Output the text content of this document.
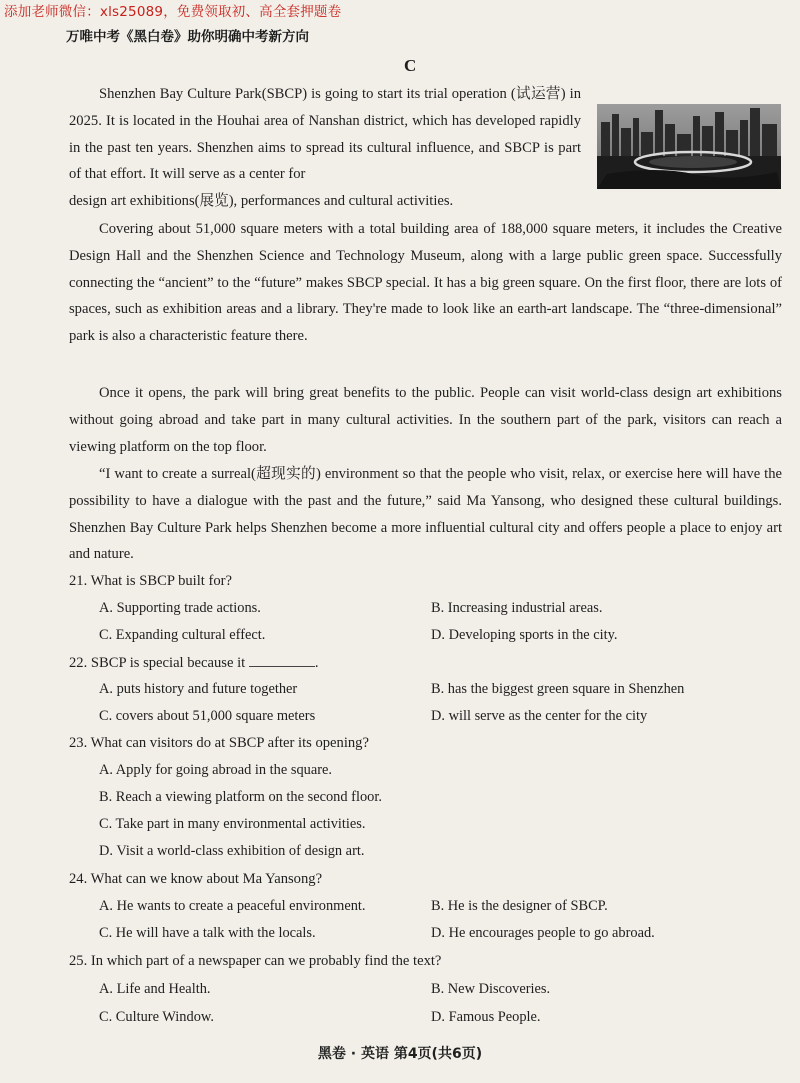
添加老师微信：xls25089，免费领取初、高全套押题卷
万唯中考《黑白卷》助你明确中考新方向
C

Shenzhen Bay Culture Park(SBCP) is going to start its trial operation (试运营) in 2025. It is located in the Houhai area of Nanshan district, which has developed rapidly in the past ten years. Shenzhen aims to spread its cultural influence, and SBCP is part of that effort. It will serve as a center for

design art exhibitions(展览), performances and cultural activities.

Covering about 51,000 square meters with a total building area of 188,000 square meters, it includes the Creative Design Hall and the Shenzhen Science and Technology Museum, along with a large public green space. Successfully connecting the “ancient” to the “future” makes SBCP special. It has a big green square. On the first floor, there are lots of spaces, such as exhibition areas and a library. They're made to look like an earth-art landscape. The “three-dimensional” park is also a characteristic feature there.

Once it opens, the park will bring great benefits to the public. People can visit world-class design art exhibitions without going abroad and take part in many cultural activities. In the southern part of the park, visitors can reach a viewing platform on the top floor.

“I want to create a surreal(超现实的) environment so that the people who visit, relax, or exercise here will have the possibility to have a dialogue with the past and the future,” said Ma Yansong, who designed these cultural buildings. Shenzhen Bay Culture Park helps Shenzhen become a more influential cultural city and offers people a place to enjoy art and nature.

21. What is SBCP built for?
A. Supporting trade actions.	B. Increasing industrial areas.
C. Expanding cultural effect.	D. Developing sports in the city.
22. SBCP is special because it	.
A. puts history and future together	B. has the biggest green square in Shenzhen
C. covers about 51,000 square meters	D. will serve as the center for the city
23. What can visitors do at SBCP after its opening?
A. Apply for going abroad in the square.
B. Reach a viewing platform on the second floor.
C. Take part in many environmental activities.
D. Visit a world-class exhibition of design art.
24. What can we know about Ma Yansong?
A. He wants to create a peaceful environment.	B. He is the designer of SBCP.
C. He will have a talk with the locals.	D. He encourages people to go abroad.
25. In which part of a newspaper can we probably find the text?
A. Life and Health.	B. New Discoveries.
C. Culture Window.	D. Famous People.
黑卷 · 英语 第4页(共6页)
